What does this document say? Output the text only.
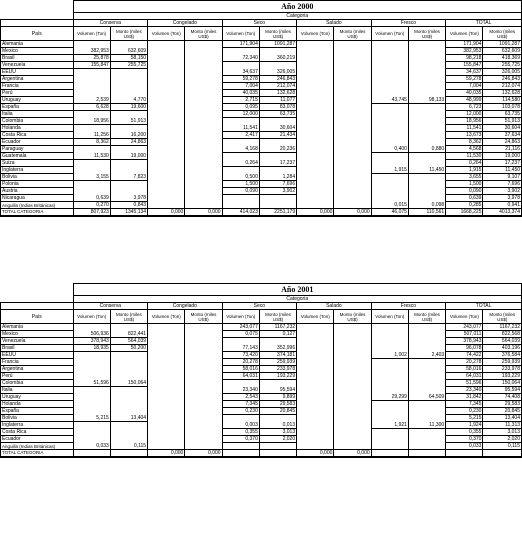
	Año 2000											
	Categoria											
	Conserva		Congelado		Seco		Salado		Fresco		TOTAL	
País	Volumen (Ton)	Monto (miles US$)	Volumen (Ton)	Monto (miles US$)	Volumen (Ton)	Monto (miles US$)	Volumen (Ton)	Monto (miles US$)	Volumen (Ton)	Monto (miles US$)	Volumen (Ton)	Monto (miles US$)
Alemania					171,904	1091,287					171,904	1091,287
Mexico	382,953	632,609									382,953	632,609
Brasil	25,878	58,150			72,340	360,219					98,218	418,369
Venezuela	155,847	255,725									155,847	255,725
EEUU					34,637	326,005					34,637	326,005
Argentina					59,278	246,843					59,278	246,843
Francia					7,004	212,074					7,004	212,074
Perú					40,035	132,628					40,035	132,628
Uruguay	2,539	4,770			2,715	11,077			43,745	98,133	48,999	114,580
España	6,628	19,600			0,095	83,078					6,723	103,078
Italia					12,000	63,735					12,000	63,735
Colombia	18,956	51,913									18,956	51,913
Holanda					11,541	30,604					11,541	30,604
Costa Rica	11,256	16,200			2,417	21,434					13,673	37,634
Ecuador	8,362	24,863									8,362	24,863
Paraguay					4,168	20,236			0,400	0,880	4,568	21,116
Guatemala	11,530	19,000									11,530	19,000
Suiza					0,264	17,237					0,264	17,237
Inglaterra									1,915	11,450	1,915	11,450
Bolivia	3,155	7,823			0,500	1,284					3,655	9,107
Polonia					1,500	7,696					1,500	7,696
Austria					0,090	3,902					0,090	3,902
Nicaragua	0,639	3,978									0,639	3,978
Anguilla (Indias Británicas)	0,270	0,843							0,015	0,098	0,285	0,941
TOTAL CATEGORIA	807,923	1345,134	0,000	0,000	414,023	2251,179	0,000	0,000	46,075	110,561	1668,225	4013,374
	Año 2001											
	Categoria											
	Conserva		Congelado		Seco		Salado		Fresco		TOTAL	
País	Volumen (Ton)	Monto (miles US$)	Volumen (Ton)	Monto (miles US$)	Volumen (Ton)	Monto (miles US$)	Volumen (Ton)	Monto (miles US$)	Volumen (Ton)	Monto (miles US$)	Volumen (Ton)	Monto (miles US$)
Alemania					243,077	1167,232					243,077	1167,232
Mexico	506,936	822,441			0,075	0,127					507,011	822,568
Venezuela	378,943	564,039									378,943	564,039
Brasil	18,935	50,200			77,143	352,996					96,078	403,196
EEUU					73,420	374,181			1,002	2,403	74,422	376,584
Francia					20,278	259,939					20,278	259,939
Argentina					58,016	233,978					58,016	233,978
Perú					64,031	193,229					64,031	193,229
Colombia	51,596	150,064									51,596	150,064
Italia					23,340	95,594					23,340	95,594
Uruguay					2,543	9,899			29,299	64,509	31,842	74,408
Holanda					7,345	29,583					7,345	29,583
España					0,230	20,845					0,230	20,845
Bolivia	5,215	13,404									5,215	13,404
Inglaterra					0,003	0,013			1,921	11,300	1,924	11,313
Costa Rica					0,355	3,013					0,355	3,013
Ecuador					0,370	2,020					0,370	2,020
Anguilla (Indias Británicas)	0,033	0,115									0,033	0,115
TOTAL CATEGORIA			0,000	0,000			0,000	0,000				
